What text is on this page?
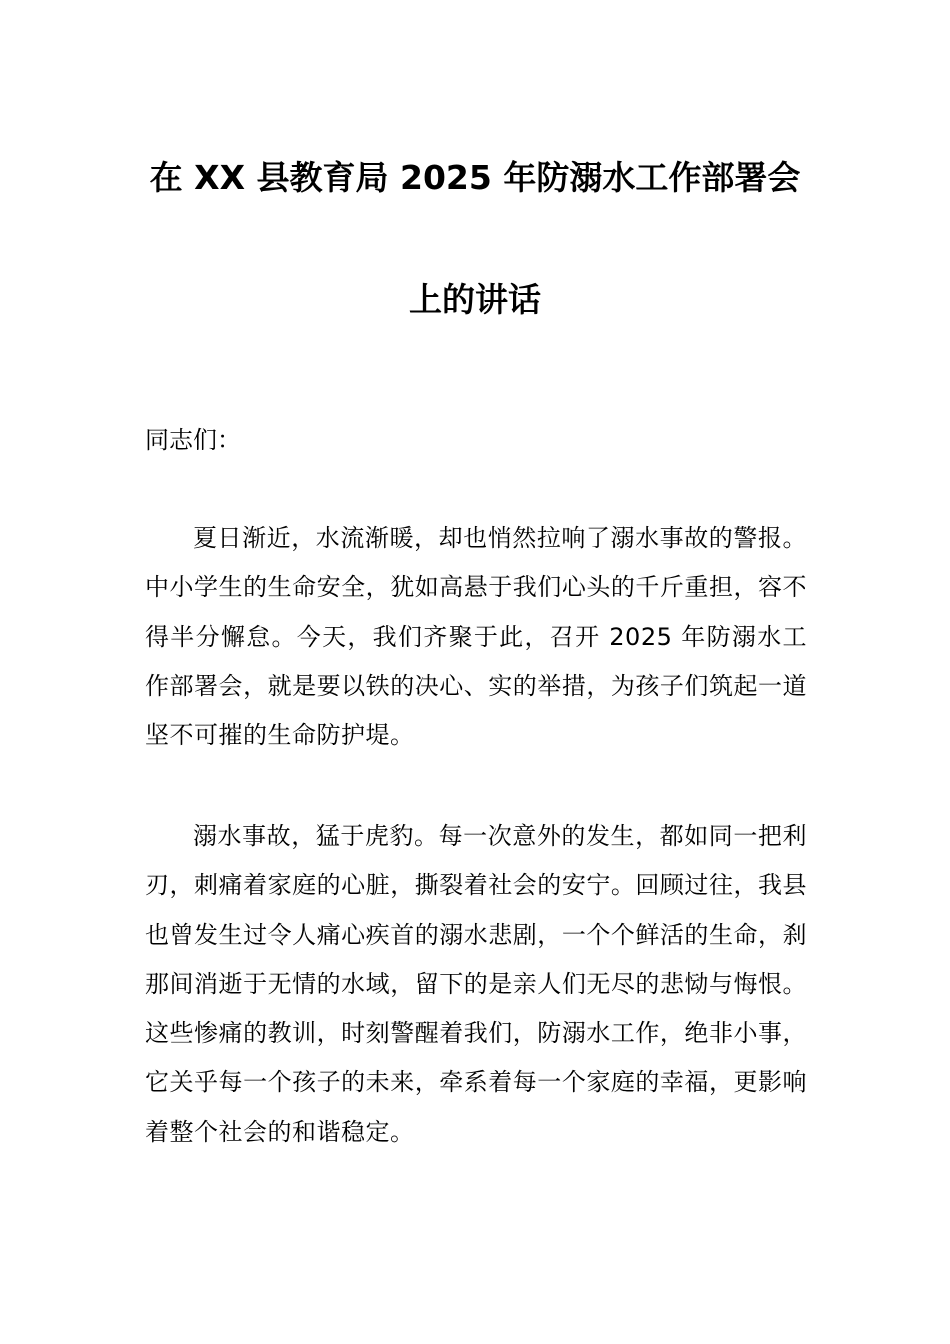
在 XX 县教育局 2025 年防溺水工作部署会
上的讲话

同志们：

夏日渐近，水流渐暖，却也悄然拉响了溺水事故的警报。中小学生的生命安全，犹如高悬于我们心头的千斤重担，容不得半分懈怠。今天，我们齐聚于此，召开 2025 年防溺水工作部署会，就是要以铁的决心、实的举措，为孩子们筑起一道坚不可摧的生命防护堤。

溺水事故，猛于虎豹。每一次意外的发生，都如同一把利刃，刺痛着家庭的心脏，撕裂着社会的安宁。回顾过往，我县也曾发生过令人痛心疾首的溺水悲剧，一个个鲜活的生命，刹那间消逝于无情的水域，留下的是亲人们无尽的悲恸与悔恨。这些惨痛的教训，时刻警醒着我们，防溺水工作，绝非小事，它关乎每一个孩子的未来，牵系着每一个家庭的幸福，更影响着整个社会的和谐稳定。
